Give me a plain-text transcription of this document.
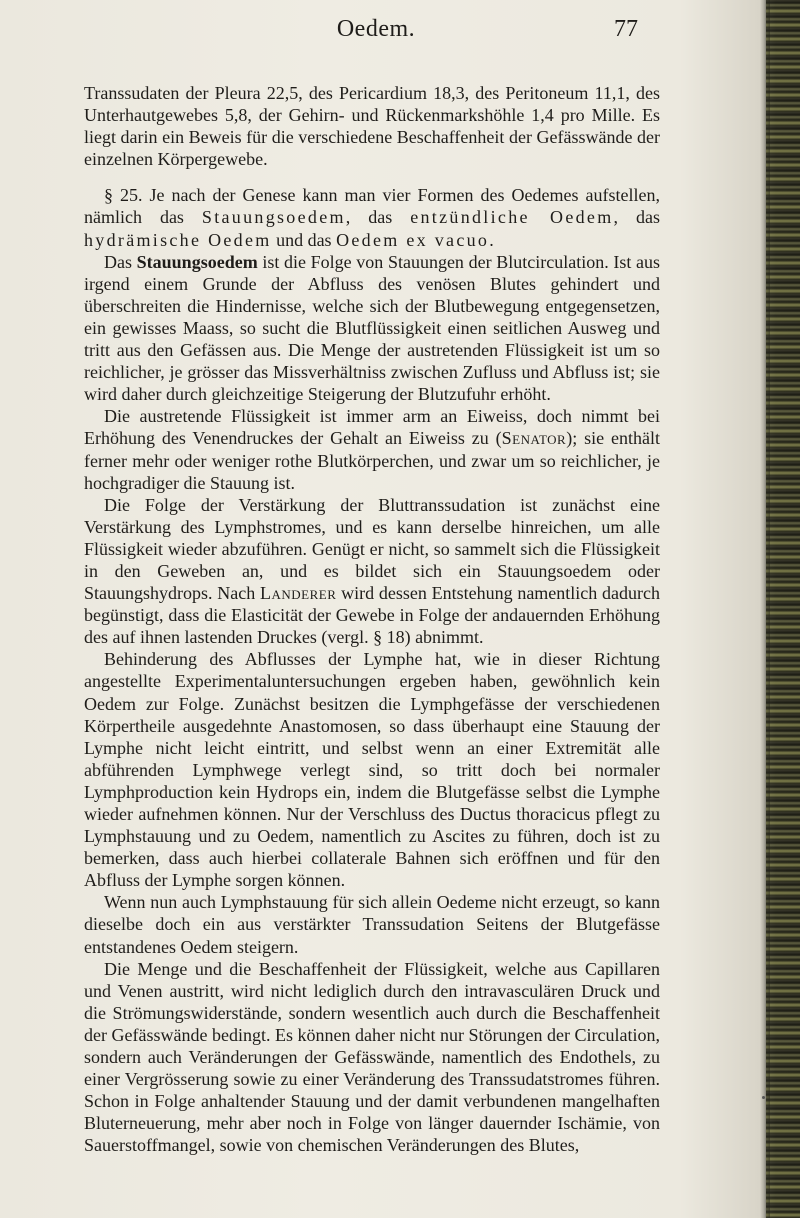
Oedem.	77

Transsudaten der Pleura 22,5, des Pericardium 18,3, des Peritoneum 11,1, des Unterhautgewebes 5,8, der Gehirn- und Rückenmarkshöhle 1,4 pro Mille. Es liegt darin ein Beweis für die verschiedene Beschaffenheit der Gefässwände der einzelnen Körpergewebe.

§ 25. Je nach der Genese kann man vier Formen des Oedemes aufstellen, nämlich das Stauungsoedem, das entzündliche Oedem, das hydrämische Oedem und das Oedem ex vacuo.

Das Stauungsoedem ist die Folge von Stauungen der Blutcirculation. Ist aus irgend einem Grunde der Abfluss des venösen Blutes gehindert und überschreiten die Hindernisse, welche sich der Blutbewegung entgegensetzen, ein gewisses Maass, so sucht die Blutflüssigkeit einen seitlichen Ausweg und tritt aus den Gefässen aus. Die Menge der austretenden Flüssigkeit ist um so reichlicher, je grösser das Missverhältniss zwischen Zufluss und Abfluss ist; sie wird daher durch gleichzeitige Steigerung der Blutzufuhr erhöht.

Die austretende Flüssigkeit ist immer arm an Eiweiss, doch nimmt bei Erhöhung des Venendruckes der Gehalt an Eiweiss zu (Senator); sie enthält ferner mehr oder weniger rothe Blutkörperchen, und zwar um so reichlicher, je hochgradiger die Stauung ist.

Die Folge der Verstärkung der Bluttranssudation ist zunächst eine Verstärkung des Lymphstromes, und es kann derselbe hinreichen, um alle Flüssigkeit wieder abzuführen. Genügt er nicht, so sammelt sich die Flüssigkeit in den Geweben an, und es bildet sich ein Stauungsoedem oder Stauungshydrops. Nach Landerer wird dessen Entstehung namentlich dadurch begünstigt, dass die Elasticität der Gewebe in Folge der andauernden Erhöhung des auf ihnen lastenden Druckes (vergl. § 18) abnimmt.

Behinderung des Abflusses der Lymphe hat, wie in dieser Richtung angestellte Experimentaluntersuchungen ergeben haben, gewöhnlich kein Oedem zur Folge. Zunächst besitzen die Lymphgefässe der verschiedenen Körpertheile ausgedehnte Anastomosen, so dass überhaupt eine Stauung der Lymphe nicht leicht eintritt, und selbst wenn an einer Extremität alle abführenden Lymphwege verlegt sind, so tritt doch bei normaler Lymphproduction kein Hydrops ein, indem die Blutgefässe selbst die Lymphe wieder aufnehmen können. Nur der Verschluss des Ductus thoracicus pflegt zu Lymphstauung und zu Oedem, namentlich zu Ascites zu führen, doch ist zu bemerken, dass auch hierbei collaterale Bahnen sich eröffnen und für den Abfluss der Lymphe sorgen können.

Wenn nun auch Lymphstauung für sich allein Oedeme nicht erzeugt, so kann dieselbe doch ein aus verstärkter Transsudation Seitens der Blutgefässe entstandenes Oedem steigern.

Die Menge und die Beschaffenheit der Flüssigkeit, welche aus Capillaren und Venen austritt, wird nicht lediglich durch den intravasculären Druck und die Strömungswiderstände, sondern wesentlich auch durch die Beschaffenheit der Gefässwände bedingt. Es können daher nicht nur Störungen der Circulation, sondern auch Veränderungen der Gefässwände, namentlich des Endothels, zu einer Vergrösserung sowie zu einer Veränderung des Transsudatstromes führen. Schon in Folge anhaltender Stauung und der damit verbundenen mangelhaften Bluterneuerung, mehr aber noch in Folge von länger dauernder Ischämie, von Sauerstoffmangel, sowie von chemischen Veränderungen des Blutes,
